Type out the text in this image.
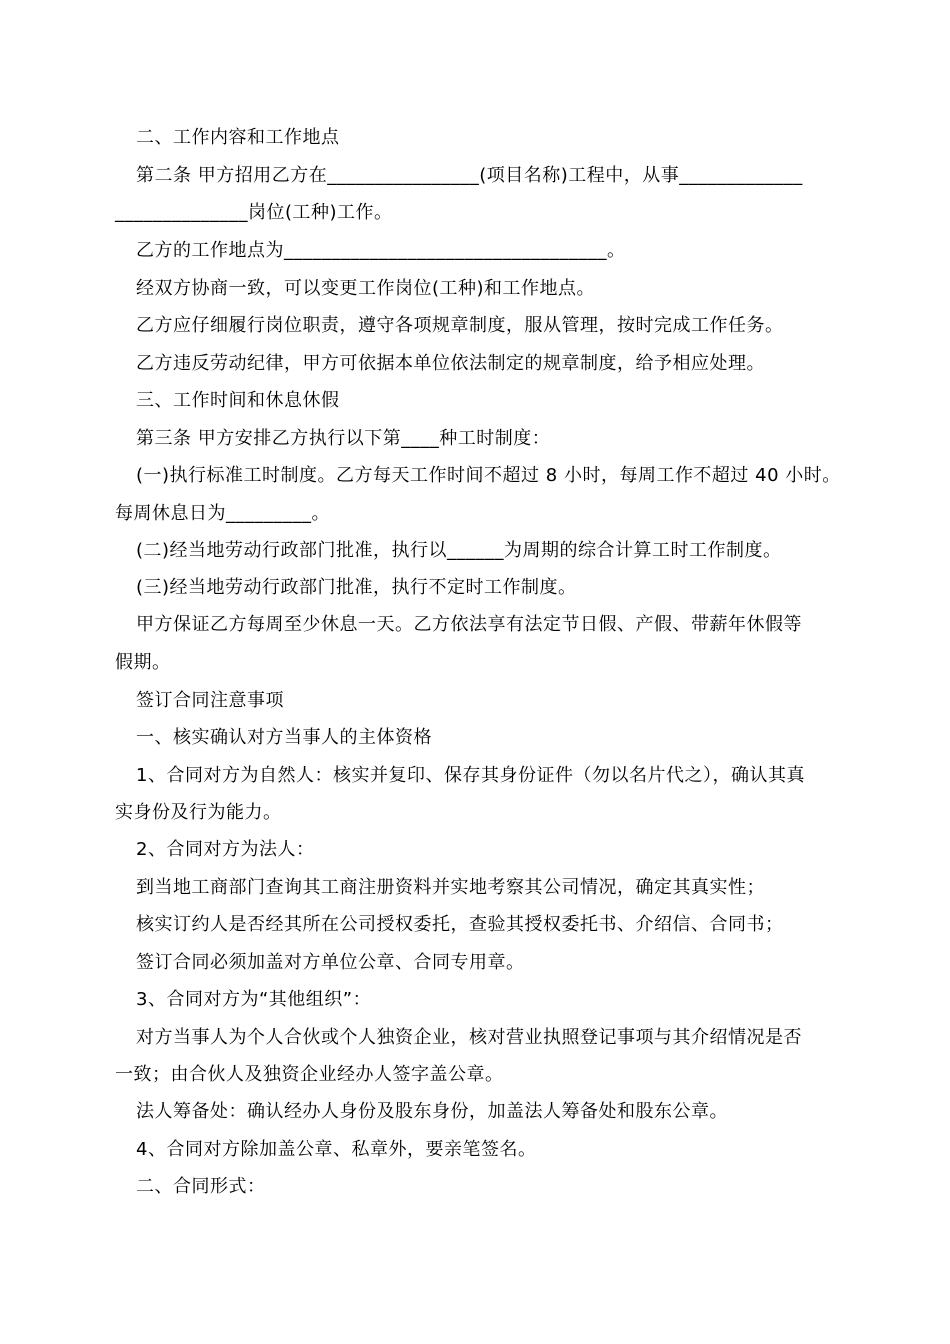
二、工作内容和工作地点
第二条 甲方招用乙方在________________(项目名称)工程中，从事_____________
______________岗位(工种)工作。
乙方的工作地点为__________________________________。
经双方协商一致，可以变更工作岗位(工种)和工作地点。
乙方应仔细履行岗位职责，遵守各项规章制度，服从管理，按时完成工作任务。
乙方违反劳动纪律，甲方可依据本单位依法制定的规章制度，给予相应处理。
三、工作时间和休息休假
第三条 甲方安排乙方执行以下第____种工时制度：
(一)执行标准工时制度。乙方每天工作时间不超过 8 小时，每周工作不超过 40 小时。
每周休息日为_________。
(二)经当地劳动行政部门批准，执行以______为周期的综合计算工时工作制度。
(三)经当地劳动行政部门批准，执行不定时工作制度。
甲方保证乙方每周至少休息一天。乙方依法享有法定节日假、产假、带薪年休假等
假期。
签订合同注意事项
一、核实确认对方当事人的主体资格
1、合同对方为自然人：核实并复印、保存其身份证件（勿以名片代之），确认其真
实身份及行为能力。
2、合同对方为法人：
到当地工商部门查询其工商注册资料并实地考察其公司情况，确定其真实性；
核实订约人是否经其所在公司授权委托，查验其授权委托书、介绍信、合同书；
签订合同必须加盖对方单位公章、合同专用章。
3、合同对方为“其他组织”：
对方当事人为个人合伙或个人独资企业，核对营业执照登记事项与其介绍情况是否
一致；由合伙人及独资企业经办人签字盖公章。
法人筹备处：确认经办人身份及股东身份，加盖法人筹备处和股东公章。
4、合同对方除加盖公章、私章外，要亲笔签名。
二、合同形式：
